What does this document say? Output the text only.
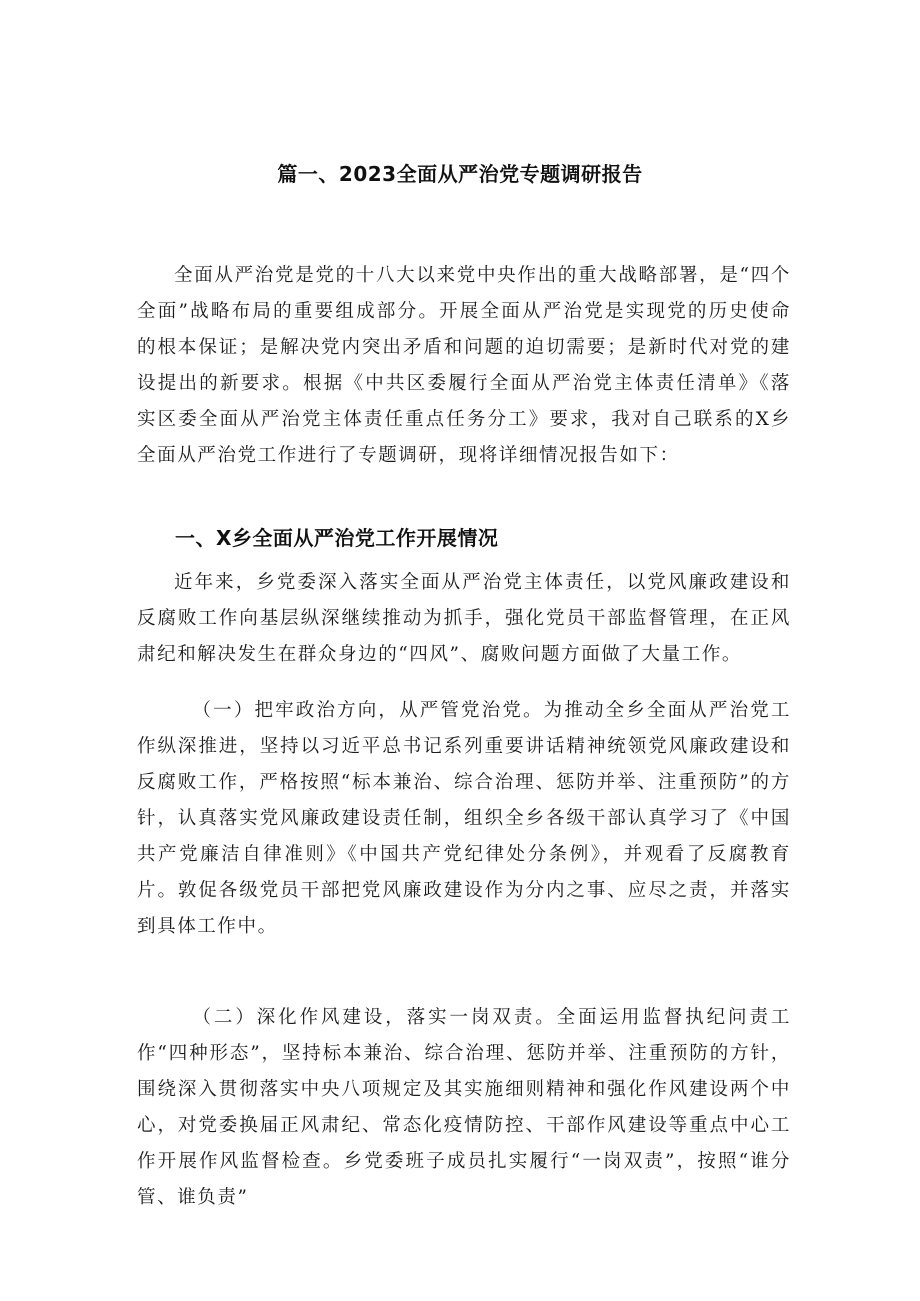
篇一、2023全面从严治党专题调研报告

全面从严治党是党的十八大以来党中央作出的重大战略部署，是“四个全面”战略布局的重要组成部分。开展全面从严治党是实现党的历史使命的根本保证；是解决党内突出矛盾和问题的迫切需要；是新时代对党的建设提出的新要求。根据《中共区委履行全面从严治党主体责任清单》《落实区委全面从严治党主体责任重点任务分工》要求，我对自己联系的X乡全面从严治党工作进行了专题调研，现将详细情况报告如下：

一、X乡全面从严治党工作开展情况

近年来，乡党委深入落实全面从严治党主体责任，以党风廉政建设和反腐败工作向基层纵深继续推动为抓手，强化党员干部监督管理，在正风肃纪和解决发生在群众身边的“四风”、腐败问题方面做了大量工作。

（一）把牢政治方向，从严管党治党。为推动全乡全面从严治党工作纵深推进，坚持以习近平总书记系列重要讲话精神统领党风廉政建设和反腐败工作，严格按照“标本兼治、综合治理、惩防并举、注重预防”的方针，认真落实党风廉政建设责任制，组织全乡各级干部认真学习了《中国共产党廉洁自律准则》《中国共产党纪律处分条例》，并观看了反腐教育片。敦促各级党员干部把党风廉政建设作为分内之事、应尽之责，并落实到具体工作中。

（二）深化作风建设，落实一岗双责。全面运用监督执纪问责工作“四种形态”，坚持标本兼治、综合治理、惩防并举、注重预防的方针，围绕深入贯彻落实中央八项规定及其实施细则精神和强化作风建设两个中心，对党委换届正风肃纪、常态化疫情防控、干部作风建设等重点中心工作开展作风监督检查。乡党委班子成员扎实履行“一岗双责”，按照“谁分管、谁负责”
